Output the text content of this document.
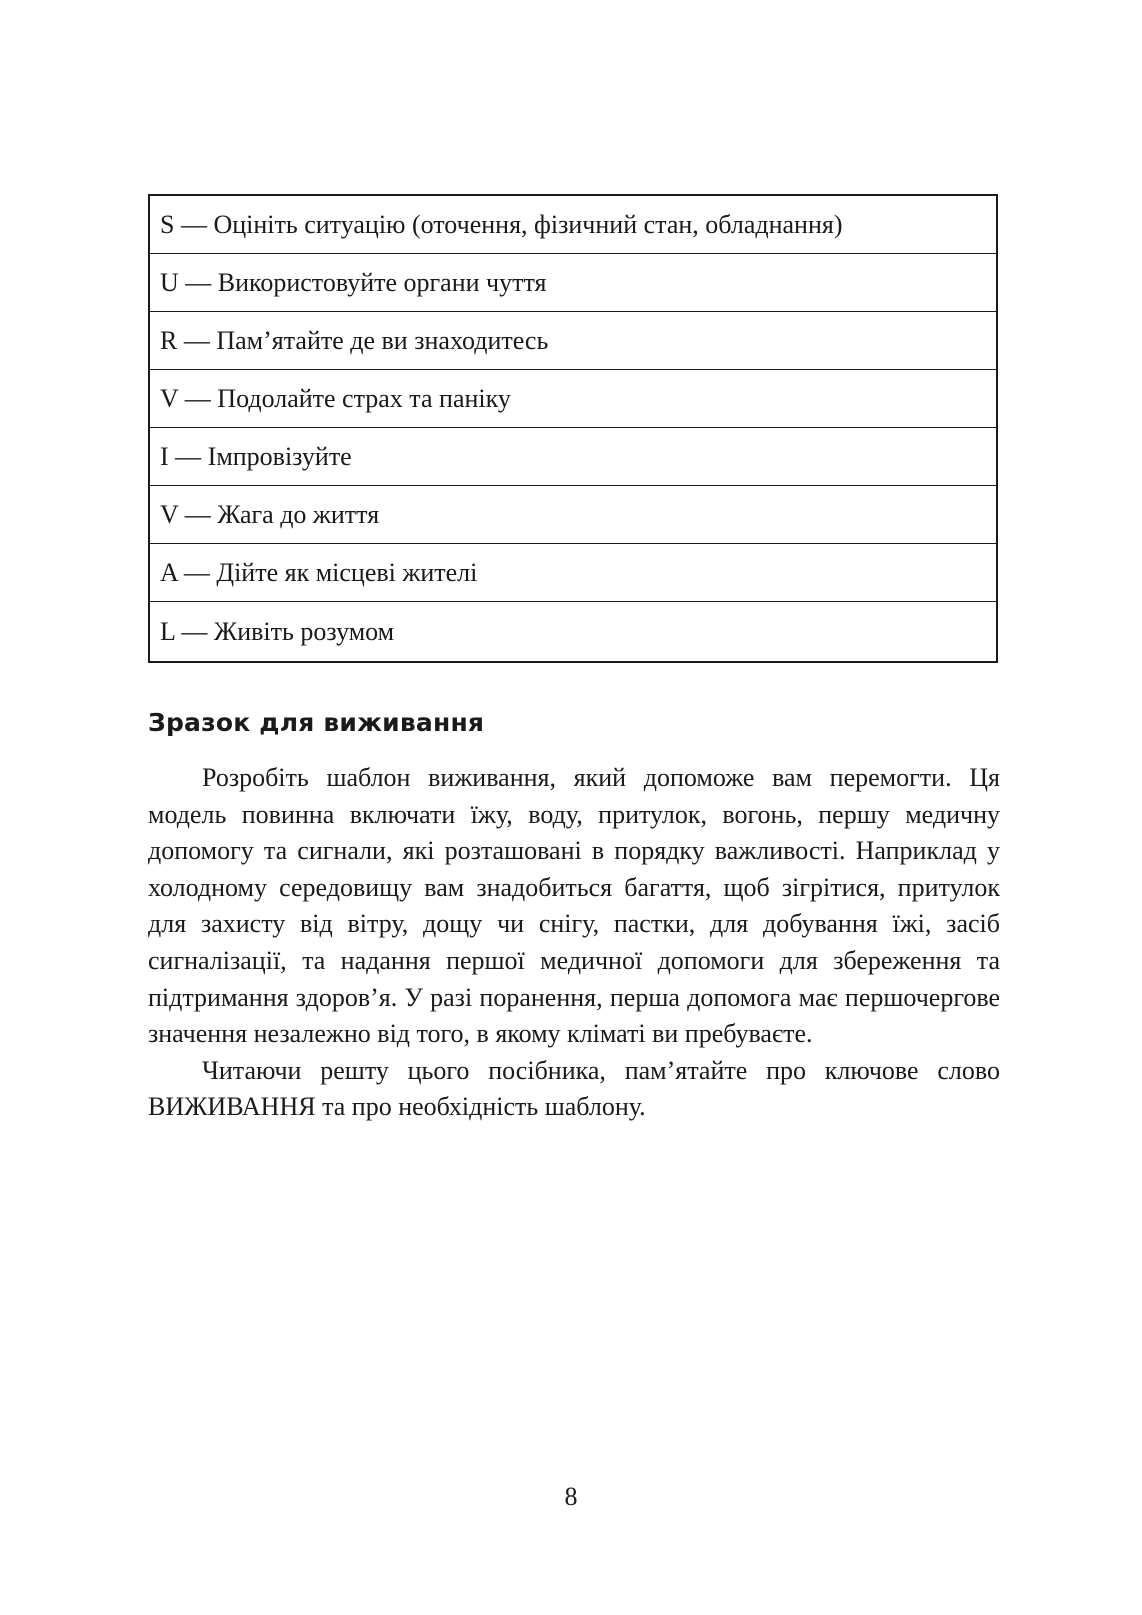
S — Оцініть ситуацію (оточення, фізичний стан, обладнання)
U — Використовуйте органи чуття
R — Пам’ятайте де ви знаходитесь
V — Подолайте страх та паніку
I — Імпровізуйте
V — Жага до життя
A — Дійте як місцеві жителі
L — Живіть розумом
Зразок для виживання

Розробіть шаблон виживання, який допоможе вам перемогти. Ця модель повинна включати їжу, воду, притулок, вогонь, першу медичну допомогу та сигнали, які розташовані в порядку важливості. Наприклад у холодному середовищу вам знадобиться багаття, щоб зігрітися, притулок для захисту від вітру, дощу чи снігу, пастки, для добування їжі, засіб сигналізації, та надання першої медичної допомоги для збереження та підтримання здоров’я. У разі поранення, перша допомога має першочергове значення незалежно від того, в якому кліматі ви пребуваєте.

Читаючи решту цього посібника, пам’ятайте про ключове слово ВИЖИВАННЯ та про необхідність шаблону.

8
